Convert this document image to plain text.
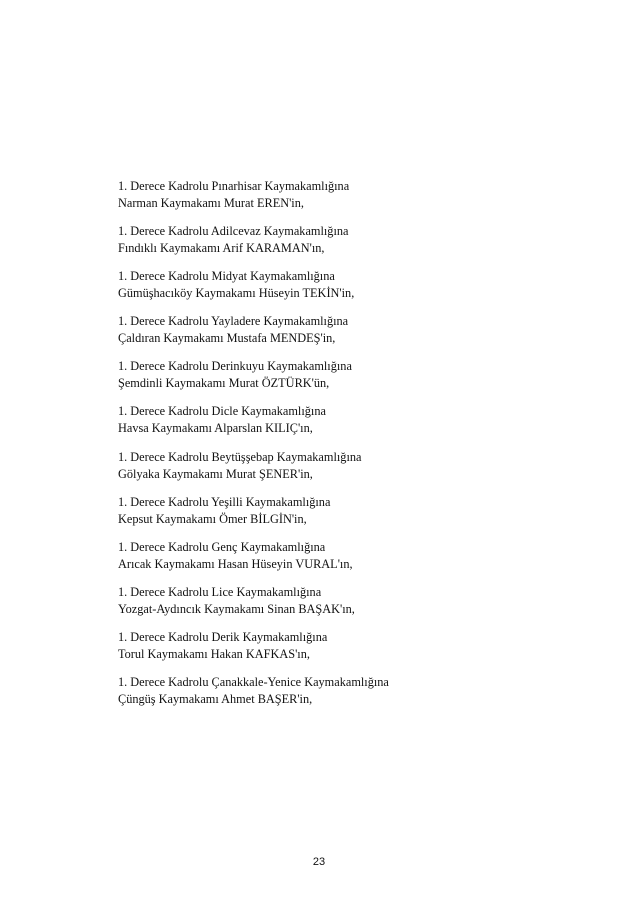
1. Derece Kadrolu Pınarhisar Kaymakamlığına
Narman Kaymakamı Murat EREN'in,
1. Derece Kadrolu Adilcevaz Kaymakamlığına
Fındıklı Kaymakamı Arif KARAMAN'ın,
1. Derece Kadrolu Midyat Kaymakamlığına
Gümüşhacıköy Kaymakamı Hüseyin TEKİN'in,
1. Derece Kadrolu Yayladere Kaymakamlığına
Çaldıran Kaymakamı Mustafa MENDEŞ'in,
1. Derece Kadrolu Derinkuyu Kaymakamlığına
Şemdinli Kaymakamı Murat ÖZTÜRK'ün,
1. Derece Kadrolu Dicle Kaymakamlığına
Havsa Kaymakamı Alparslan KILIÇ'ın,
1. Derece Kadrolu Beytüşşebap Kaymakamlığına
Gölyaka Kaymakamı Murat ŞENER'in,
1. Derece Kadrolu Yeşilli Kaymakamlığına
Kepsut Kaymakamı Ömer BİLGİN'in,
1. Derece Kadrolu Genç Kaymakamlığına
Arıcak Kaymakamı Hasan Hüseyin VURAL'ın,
1. Derece Kadrolu Lice Kaymakamlığına
Yozgat-Aydıncık Kaymakamı Sinan BAŞAK'ın,
1. Derece Kadrolu Derik Kaymakamlığına
Torul Kaymakamı Hakan KAFKAS'ın,
1. Derece Kadrolu Çanakkale-Yenice Kaymakamlığına
Çüngüş Kaymakamı Ahmet BAŞER'in,
23
